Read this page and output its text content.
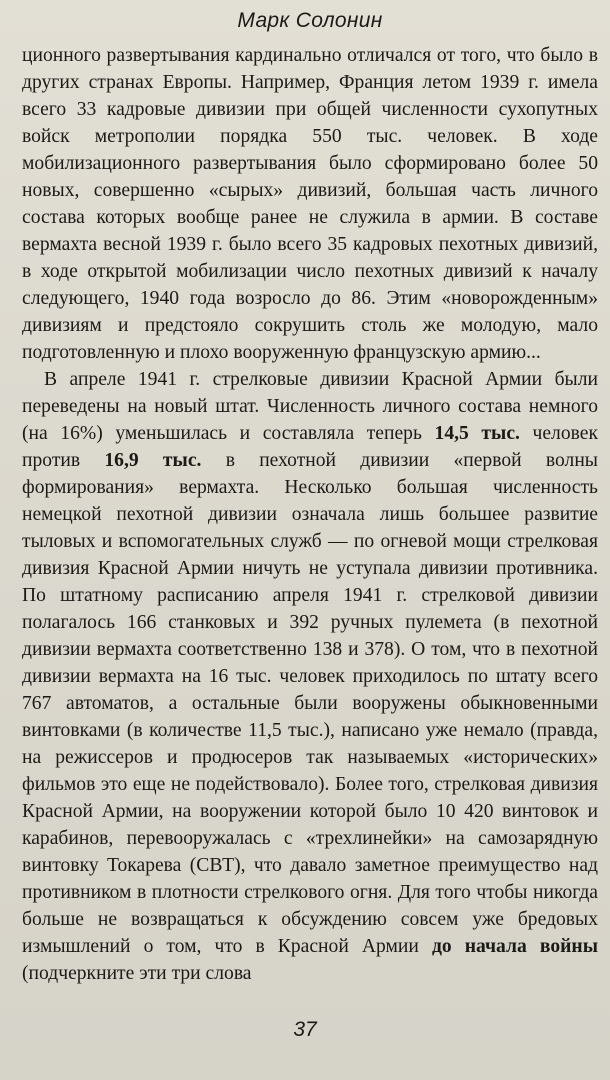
Марк Солонин

ционного развертывания кардинально отличался от того, что было в других странах Европы. Например, Франция летом 1939 г. имела всего 33 кадровые дивизии при общей численности сухопутных войск метрополии порядка 550 тыс. человек. В ходе мобилизационного развертывания было сформировано более 50 новых, совершенно «сырых» дивизий, большая часть личного состава которых вообще ранее не служила в армии. В составе вермахта весной 1939 г. было всего 35 кадровых пехотных дивизий, в ходе открытой мобилизации число пехотных дивизий к началу следующего, 1940 года возросло до 86. Этим «новорожденным» дивизиям и предстояло сокрушить столь же молодую, мало подготовленную и плохо вооруженную французскую армию...

В апреле 1941 г. стрелковые дивизии Красной Армии были переведены на новый штат. Численность личного состава немного (на 16%) уменьшилась и составляла теперь 14,5 тыс. человек против 16,9 тыс. в пехотной дивизии «первой волны формирования» вермахта. Несколько большая численность немецкой пехотной дивизии означала лишь большее развитие тыловых и вспомогательных служб — по огневой мощи стрелковая дивизия Красной Армии ничуть не уступала дивизии противника. По штатному расписанию апреля 1941 г. стрелковой дивизии полагалось 166 станковых и 392 ручных пулемета (в пехотной дивизии вермахта соответственно 138 и 378). О том, что в пехотной дивизии вермахта на 16 тыс. человек приходилось по штату всего 767 автоматов, а остальные были вооружены обыкновенными винтовками (в количестве 11,5 тыс.), написано уже немало (правда, на режиссеров и продюсеров так называемых «исторических» фильмов это еще не подействовало). Более того, стрелковая дивизия Красной Армии, на вооружении которой было 10 420 винтовок и карабинов, перевооружалась с «трехлинейки» на самозарядную винтовку Токарева (СВТ), что давало заметное преимущество над противником в плотности стрелкового огня. Для того чтобы никогда больше не возвращаться к обсуждению совсем уже бредовых измышлений о том, что в Красной Армии до начала войны (подчеркните эти три слова

37
